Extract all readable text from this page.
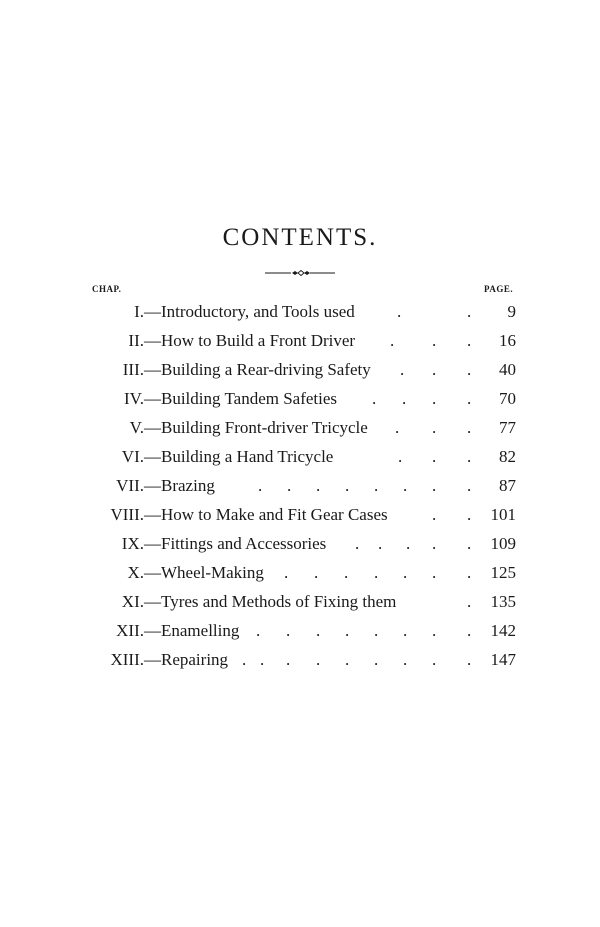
CONTENTS.
CHAP.	PAGE.
I. —Introductory, and Tools used .	. 9
II. —How to Build a Front Driver . . . 16
III. —Building a Rear-driving Safety . . . 40
IV. —Building Tandem Safeties . . . . 70
V. —Building Front-driver Tricycle . . . 77
VI. —Building a Hand Tricycle	. . . 82
VII. —Brazing	. . . . . . . . 87
VIII. —How to Make and Fit Gear Cases	. . 101
IX. —Fittings and Accessories . . . . . 109
X. —Wheel-Making . . . . . . . 125
XI. —Tyres and Methods of Fixing them	. 135
XII. —Enamelling . . . . . . . . 142
XIII. —Repairing . . . . . . . . . 147
